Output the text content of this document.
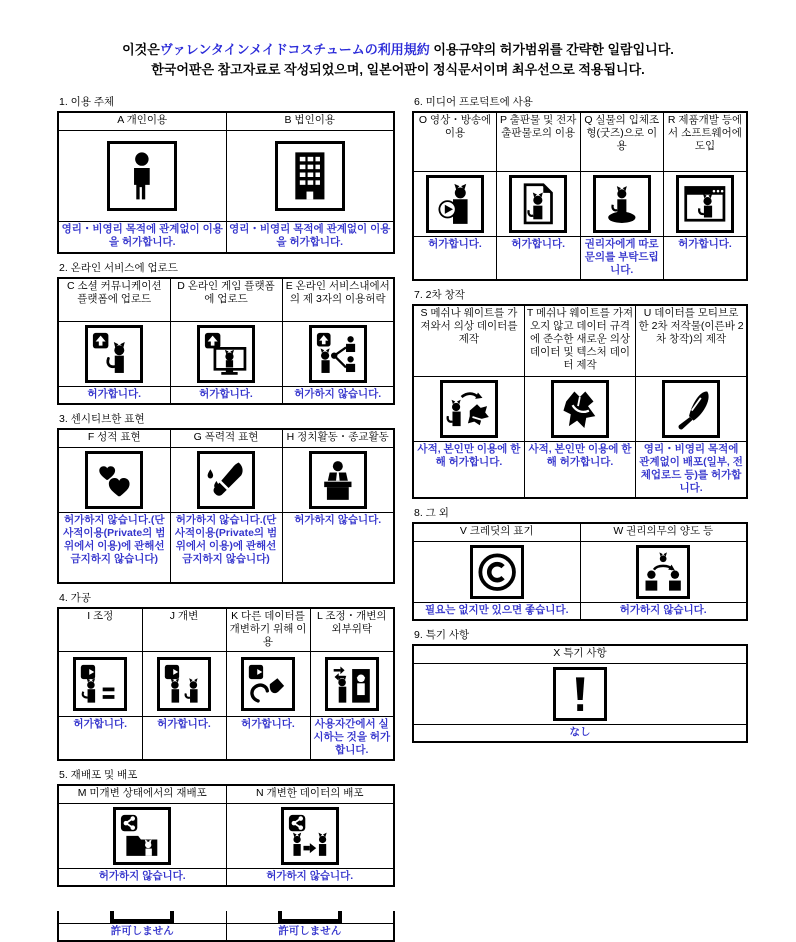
이것은ヴァレンタインメイドコスチュームの利用規約 이용규약의 허가범위를 간략한 일람입니다.
한국어판은 참고자료로 작성되었으며, 일본어판이 정식문서이며 최우선으로 적용됩니다.
1. 이용 주체
A 개인이용	B 법인이용

영리・비영리 목적에 관계없이 이용을 허가합니다.	영리・비영리 목적에 관계없이 이용을 허가합니다.
2. 온라인 서비스에 업로드
C 소셜 커뮤니케이션 플랫폼에 업로드	D 온라인 게임 플랫폼에 업로드	E 온라인 서비스내에서의 제 3자의 이용허락

허가합니다.	허가합니다.	허가하지 않습니다.
3. 센시티브한 표현
F 성적 표현	G 폭력적 표현	H 정치활동・종교활동

허가하지 않습니다.(단 사적이용(Private의 범위에서 이용)에 관해선 금지하지 않습니다)	허가하지 않습니다.(단 사적이용(Private의 범위에서 이용)에 관해선 금지하지 않습니다)	허가하지 않습니다.
4. 가공
I 조정	J 개변	K 다른 데이터를 개변하기 위해 이용	L 조정・개변의 외부위탁

허가합니다.	허가합니다.	허가합니다.	사용자간에서 실시하는 것을 허가합니다.
5. 재배포 및 배포
M 미개변 상태에서의 재배포	N 개변한 데이터의 배포

허가하지 않습니다.	허가하지 않습니다.

許可しません	許可しません
6. 미디어 프로덕트에 사용
O 영상・방송에 이용	P 출판물 및 전자출판물로의 이용	Q 실물의 입체조형(굿즈)으로 이용	R 제품개발 등에서 소프트웨어에 도입

허가합니다.	허가합니다.	권리자에게 따로 문의를 부탁드립니다.	허가합니다.
7. 2차 창작
S 메쉬나 웨이트를 가져와서 의상 데이터를 제작	T 메쉬나 웨이트를 가져오지 않고 데이터 규격에 준수한 새로운 의상 데이터 및 텍스처 데이터 제작	U 데이터를 모티브로 한 2차 저작물(이른바 2차 창작)의 제작

사적, 본인만 이용에 한해 허가합니다.	사적, 본인만 이용에 한해 허가합니다.	영리・비영리 목적에 관계없이 배포(일부, 전체업로드 등)를 허가합니다.
8. 그 외
V 크레딧의 표기	W 권리의무의 양도 등

필요는 없지만 있으면 좋습니다.	허가하지 않습니다.
9. 특기 사항
X 특기 사항

なし
